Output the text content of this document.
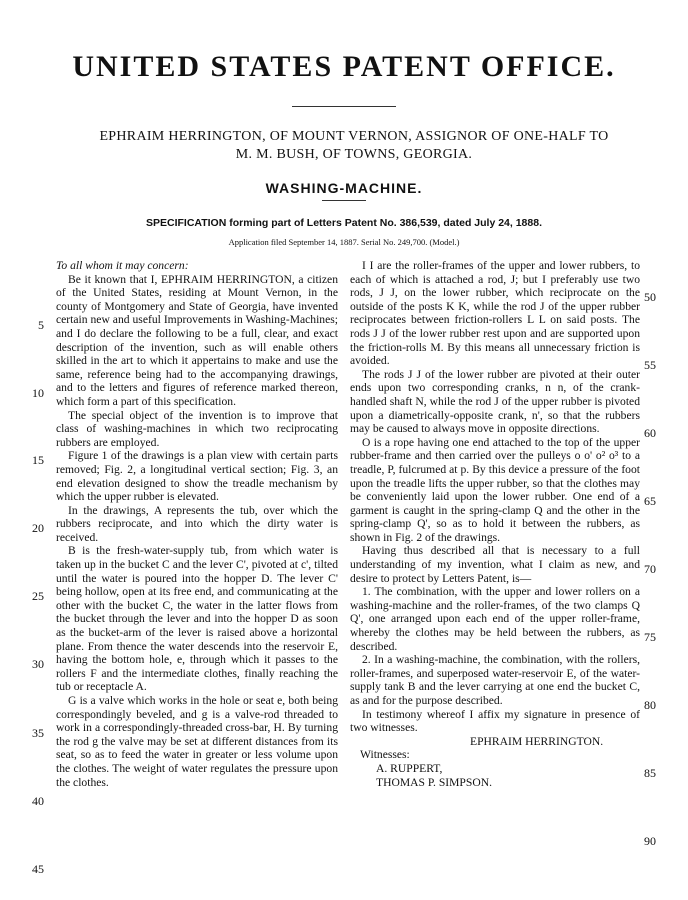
UNITED STATES PATENT OFFICE.
EPHRAIM HERRINGTON, OF MOUNT VERNON, ASSIGNOR OF ONE-HALF TO
M. M. BUSH, OF TOWNS, GEORGIA.
WASHING-MACHINE.
SPECIFICATION forming part of Letters Patent No. 386,539, dated July 24, 1888.
Application filed September 14, 1887. Serial No. 249,700. (Model.)

To all whom it may concern:

Be it known that I, EPHRAIM HERRINGTON, a citizen of the United States, residing at Mount Vernon, in the county of Montgomery and State of Georgia, have invented certain new and useful Improvements in Washing-Machines; and I do declare the following to be a full, clear, and exact description of the invention, such as will enable others skilled in the art to which it appertains to make and use the same, reference being had to the accompanying drawings, and to the letters and figures of reference marked thereon, which form a part of this specification.

The special object of the invention is to improve that class of washing-machines in which two reciprocating rubbers are employed.

Figure 1 of the drawings is a plan view with certain parts removed; Fig. 2, a longitudinal vertical section; Fig. 3, an end elevation designed to show the treadle mechanism by which the upper rubber is elevated.

In the drawings, A represents the tub, over which the rubbers reciprocate, and into which the dirty water is received.

B is the fresh-water-supply tub, from which water is taken up in the bucket C and the lever C', pivoted at c', tilted until the water is poured into the hopper D. The lever C' being hollow, open at its free end, and communicating at the other with the bucket C, the water in the latter flows from the bucket through the lever and into the hopper D as soon as the bucket-arm of the lever is raised above a horizontal plane. From thence the water descends into the reservoir E, having the bottom hole, e, through which it passes to the rollers F and the intermediate clothes, finally reaching the tub or receptacle A.

G is a valve which works in the hole or seat e, both being correspondingly beveled, and g is a valve-rod threaded to work in a correspondingly-threaded cross-bar, H. By turning the rod g the valve may be set at different distances from its seat, so as to feed the water in greater or less volume upon the clothes. The weight of water regulates the pressure upon the clothes.

I I are the roller-frames of the upper and lower rubbers, to each of which is attached a rod, J; but I preferably use two rods, J J, on the lower rubber, which reciprocate on the outside of the posts K K, while the rod J of the upper rubber reciprocates between friction-rollers L L on said posts. The rods J J of the lower rubber rest upon and are supported upon the friction-rolls M. By this means all unnecessary friction is avoided.

The rods J J of the lower rubber are pivoted at their outer ends upon two corresponding cranks, n n, of the crank-handled shaft N, while the rod J of the upper rubber is pivoted upon a diametrically-opposite crank, n', so that the rubbers may be caused to always move in opposite directions.

O is a rope having one end attached to the top of the upper rubber-frame and then carried over the pulleys o o' o² o³ to a treadle, P, fulcrumed at p. By this device a pressure of the foot upon the treadle lifts the upper rubber, so that the clothes may be conveniently laid upon the lower rubber. One end of a garment is caught in the spring-clamp Q and the other in the spring-clamp Q', so as to hold it between the rubbers, as shown in Fig. 2 of the drawings.

Having thus described all that is necessary to a full understanding of my invention, what I claim as new, and desire to protect by Letters Patent, is—

1. The combination, with the upper and lower rollers on a washing-machine and the roller-frames, of the two clamps Q Q', one arranged upon each end of the upper roller-frame, whereby the clothes may be held between the rubbers, as described.

2. In a washing-machine, the combination, with the rollers, roller-frames, and superposed water-reservoir E, of the water-supply tank B and the lever carrying at one end the bucket C, as and for the purpose described.

In testimony whereof I affix my signature in presence of two witnesses.

EPHRAIM HERRINGTON.

Witnesses:

A. RUPPERT,

THOMAS P. SIMPSON.

5
10
15
20
25
30
35
40
45
50
55
60
65
70
75
80
85
90
